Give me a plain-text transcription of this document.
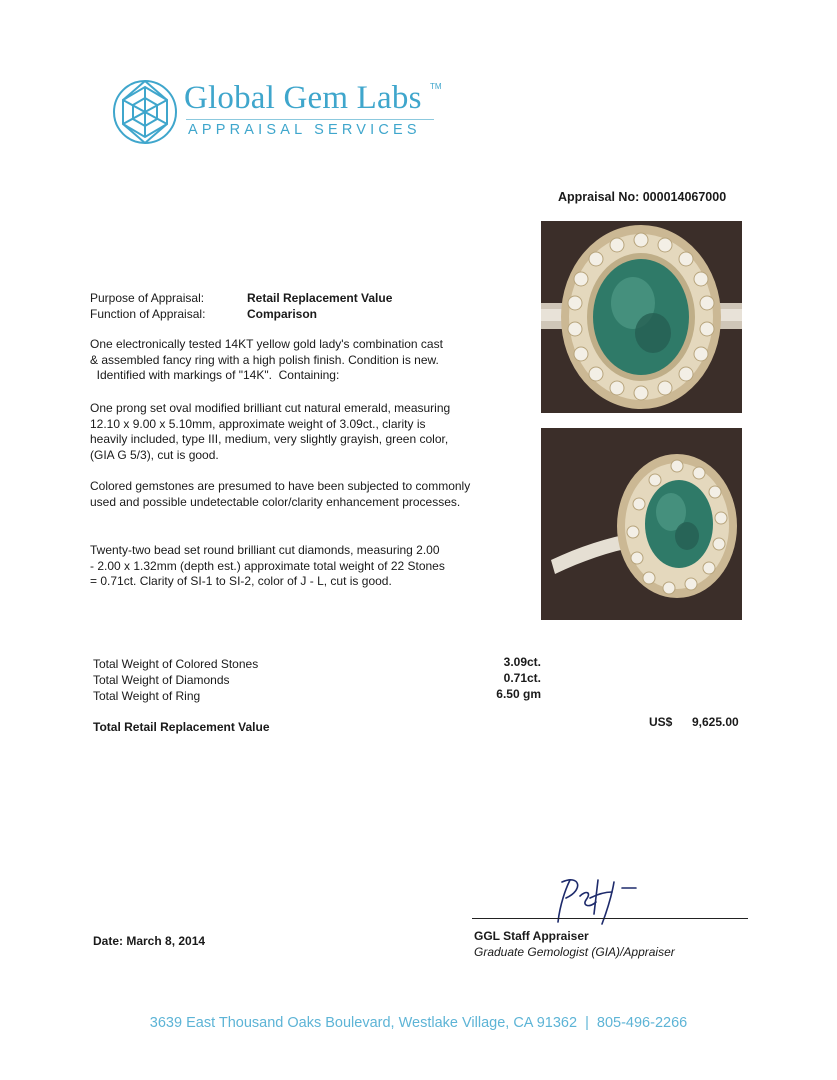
Global Gem Labs TM
APPRAISAL SERVICES
Appraisal No: 000014067000
Purpose of Appraisal:	Retail Replacement Value
Function of Appraisal:	Comparison
One electronically tested 14KT yellow gold lady's combination cast
& assembled fancy ring with a high polish finish. Condition is new.
Identified with markings of "14K".  Containing:
One prong set oval modified brilliant cut natural emerald, measuring
12.10 x 9.00 x 5.10mm, approximate weight of 3.09ct., clarity is
heavily included, type III, medium, very slightly grayish, green color,
(GIA G 5/3), cut is good.
Colored gemstones are presumed to have been subjected to commonly
used and possible undetectable color/clarity enhancement processes.
Twenty-two bead set round brilliant cut diamonds, measuring 2.00
- 2.00 x 1.32mm (depth est.) approximate total weight of 22 Stones
= 0.71ct. Clarity of SI-1 to SI-2, color of J - L, cut is good.
Total Weight of Colored Stones	3.09ct.
Total Weight of Diamonds	0.71ct.
Total Weight of Ring	6.50 gm
Total Retail Replacement Value	US$ 9,625.00
Date: March 8, 2014	GGL Staff Appraiser
Graduate Gemologist (GIA)/Appraiser
3639 East Thousand Oaks Boulevard, Westlake Village, CA 91362  |  805-496-2266
